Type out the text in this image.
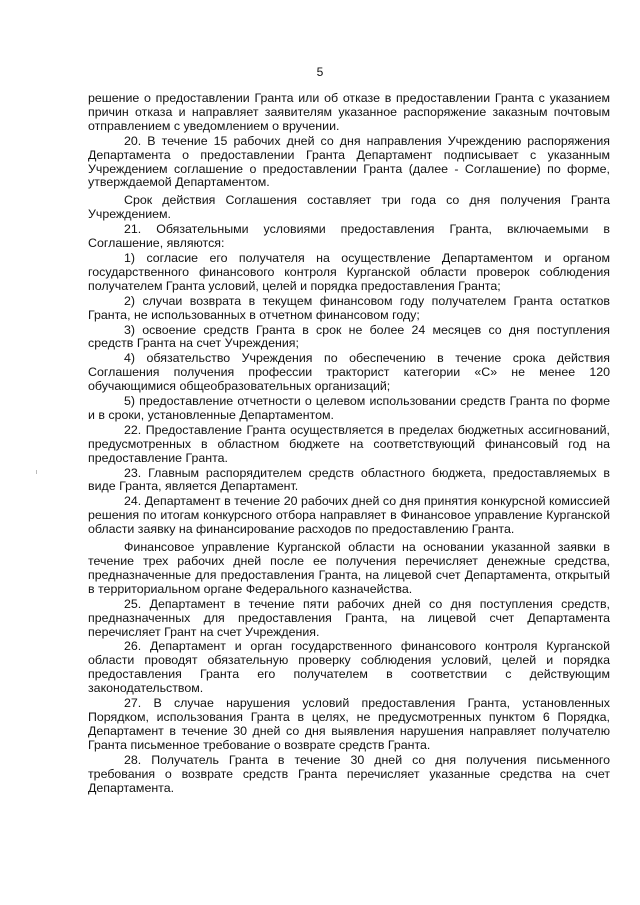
5

решение о предоставлении Гранта или об отказе в предоставлении Гранта с указанием причин отказа и направляет заявителям указанное распоряжение заказным почтовым отправлением с уведомлением о вручении.

20. В течение 15 рабочих дней со дня направления Учреждению распоряжения Департамента о предоставлении Гранта Департамент подписывает с указанным Учреждением соглашение о предоставлении Гранта (далее - Соглашение) по форме, утверждаемой Департаментом.

Срок действия Соглашения составляет три года со дня получения Гранта Учреждением.

21. Обязательными условиями предоставления Гранта, включаемыми в Соглашение, являются:

1) согласие его получателя на осуществление Департаментом и органом государственного финансового контроля Курганской области проверок соблюдения получателем Гранта условий, целей и порядка предоставления Гранта;

2) случаи возврата в текущем финансовом году получателем Гранта остатков Гранта, не использованных в отчетном финансовом году;

3) освоение средств Гранта в срок не более 24 месяцев со дня поступления средств Гранта на счет Учреждения;

4) обязательство Учреждения по обеспечению в течение срока действия Соглашения получения профессии тракторист категории «С» не менее 120 обучающимися общеобразовательных организаций;

5) предоставление отчетности о целевом использовании средств Гранта по форме и в сроки, установленные Департаментом.

22. Предоставление Гранта осуществляется в пределах бюджетных ассигнований, предусмотренных в областном бюджете на соответствующий финансовый год на предоставление Гранта.

23. Главным распорядителем средств областного бюджета, предоставляемых в виде Гранта, является Департамент.

24. Департамент в течение 20 рабочих дней со дня принятия конкурсной комиссией решения по итогам конкурсного отбора направляет в Финансовое управление Курганской области заявку на финансирование расходов по предоставлению Гранта.

Финансовое управление Курганской области на основании указанной заявки в течение трех рабочих дней после ее получения перечисляет денежные средства, предназначенные для предоставления Гранта, на лицевой счет Департамента, открытый в территориальном органе Федерального казначейства.

25. Департамент в течение пяти рабочих дней со дня поступления средств, предназначенных для предоставления Гранта, на лицевой счет Департамента перечисляет Грант на счет Учреждения.

26. Департамент и орган государственного финансового контроля Курганской области проводят обязательную проверку соблюдения условий, целей и порядка предоставления Гранта его получателем в соответствии с действующим законодательством.

27. В случае нарушения условий предоставления Гранта, установленных Порядком, использования Гранта в целях, не предусмотренных пунктом 6 Порядка, Департамент в течение 30 дней со дня выявления нарушения направляет получателю Гранта письменное требование о возврате средств Гранта.

28. Получатель Гранта в течение 30 дней со дня получения письменного требования о возврате средств Гранта перечисляет указанные средства на счет Департамента.
